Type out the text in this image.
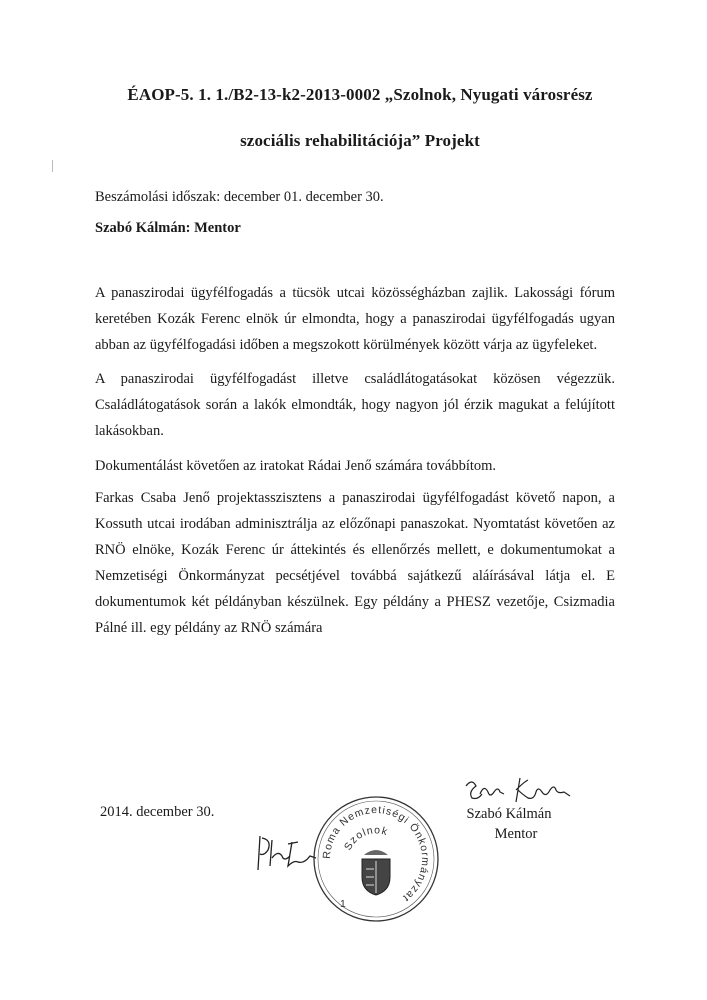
ÉAOP-5. 1. 1./B2-13-k2-2013-0002 „Szolnok, Nyugati városrész
szociális rehabilitációja” Projekt
Beszámolási időszak: december 01. december 30.
Szabó Kálmán: Mentor

A panaszirodai ügyfélfogadás a tücsök utcai közösségházban zajlik. Lakossági fórum keretében Kozák Ferenc elnök úr elmondta, hogy a panaszirodai ügyfélfogadás ugyan abban az ügyfélfogadási időben a megszokott körülmények között várja az ügyfeleket.

A panaszirodai ügyfélfogadást illetve családlátogatásokat közösen végezzük. Családlátogatások során a lakók elmondták, hogy nagyon jól érzik magukat a felújított lakásokban.

Dokumentálást követően az iratokat Rádai Jenő számára továbbítom.

Farkas Csaba Jenő projektasszisztens a panaszirodai ügyfélfogadást követő napon, a Kossuth utcai irodában adminisztrálja az előzőnapi panaszokat. Nyomtatást követően az RNÖ elnöke, Kozák Ferenc úr áttekintés és ellenőrzés mellett, e dokumentumokat a Nemzetiségi Önkormányzat pecsétjével továbbá sajátkezű aláírásával látja el. E dokumentumok két példányban készülnek. Egy példány a PHESZ vezetője, Csizmadia Pálné ill. egy példány az RNÖ számára

2014. december 30.	Szabó Kálmán
Mentor
Roma Nemzetiségi Önkormányzat
Szolnok
1
